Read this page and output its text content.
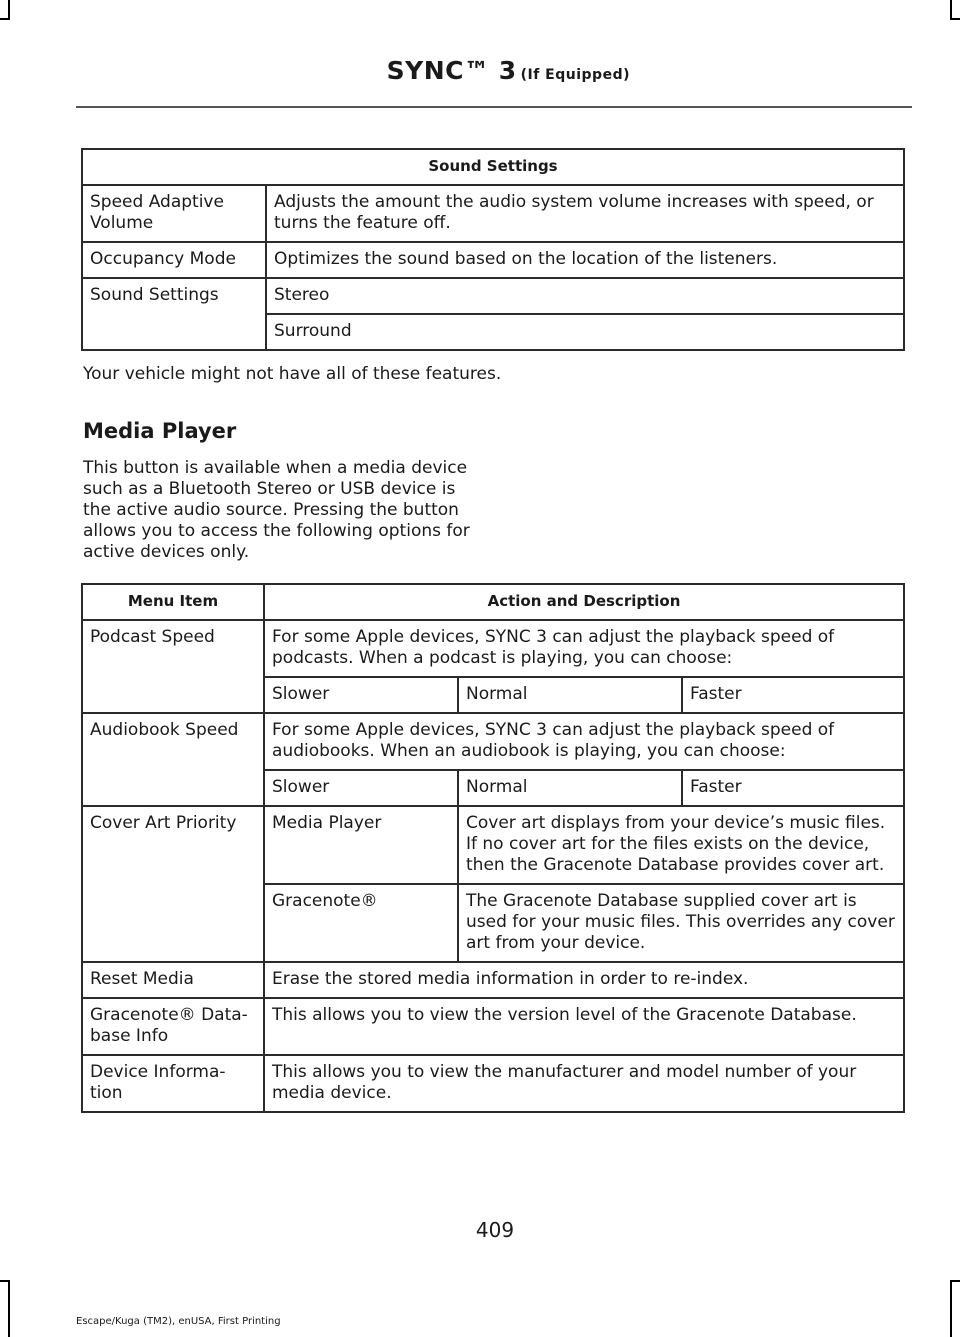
SYNC™ 3 (If Equipped)
Sound Settings	
Speed Adaptive Volume	Adjusts the amount the audio system volume increases with speed, or turns the feature off.
Occupancy Mode	Optimizes the sound based on the location of the listeners.
Sound Settings	Stereo
	Surround
Your vehicle might not have all of these features.
Media Player
This button is available when a media device such as a Bluetooth Stereo or USB device is the active audio source. Pressing the button allows you to access the following options for active devices only.
Menu Item	Action and Description		
Podcast Speed	For some Apple devices, SYNC 3 can adjust the playback speed of podcasts. When a podcast is playing, you can choose:		
	Slower	Normal	Faster
Audiobook Speed	For some Apple devices, SYNC 3 can adjust the playback speed of audiobooks. When an audiobook is playing, you can choose:		
	Slower	Normal	Faster
Cover Art Priority	Media Player	Cover art displays from your device’s music files. If no cover art for the files exists on the device, then the Gracenote Database provides cover art.	
	Gracenote®	The Gracenote Database supplied cover art is used for your music files. This overrides any cover art from your device.	
Reset Media	Erase the stored media information in order to re-index.		
Gracenote® Data-base Info	This allows you to view the version level of the Gracenote Database.		
Device Informa-tion	This allows you to view the manufacturer and model number of your media device.		
409
Escape/Kuga (TM2), enUSA, First Printing
